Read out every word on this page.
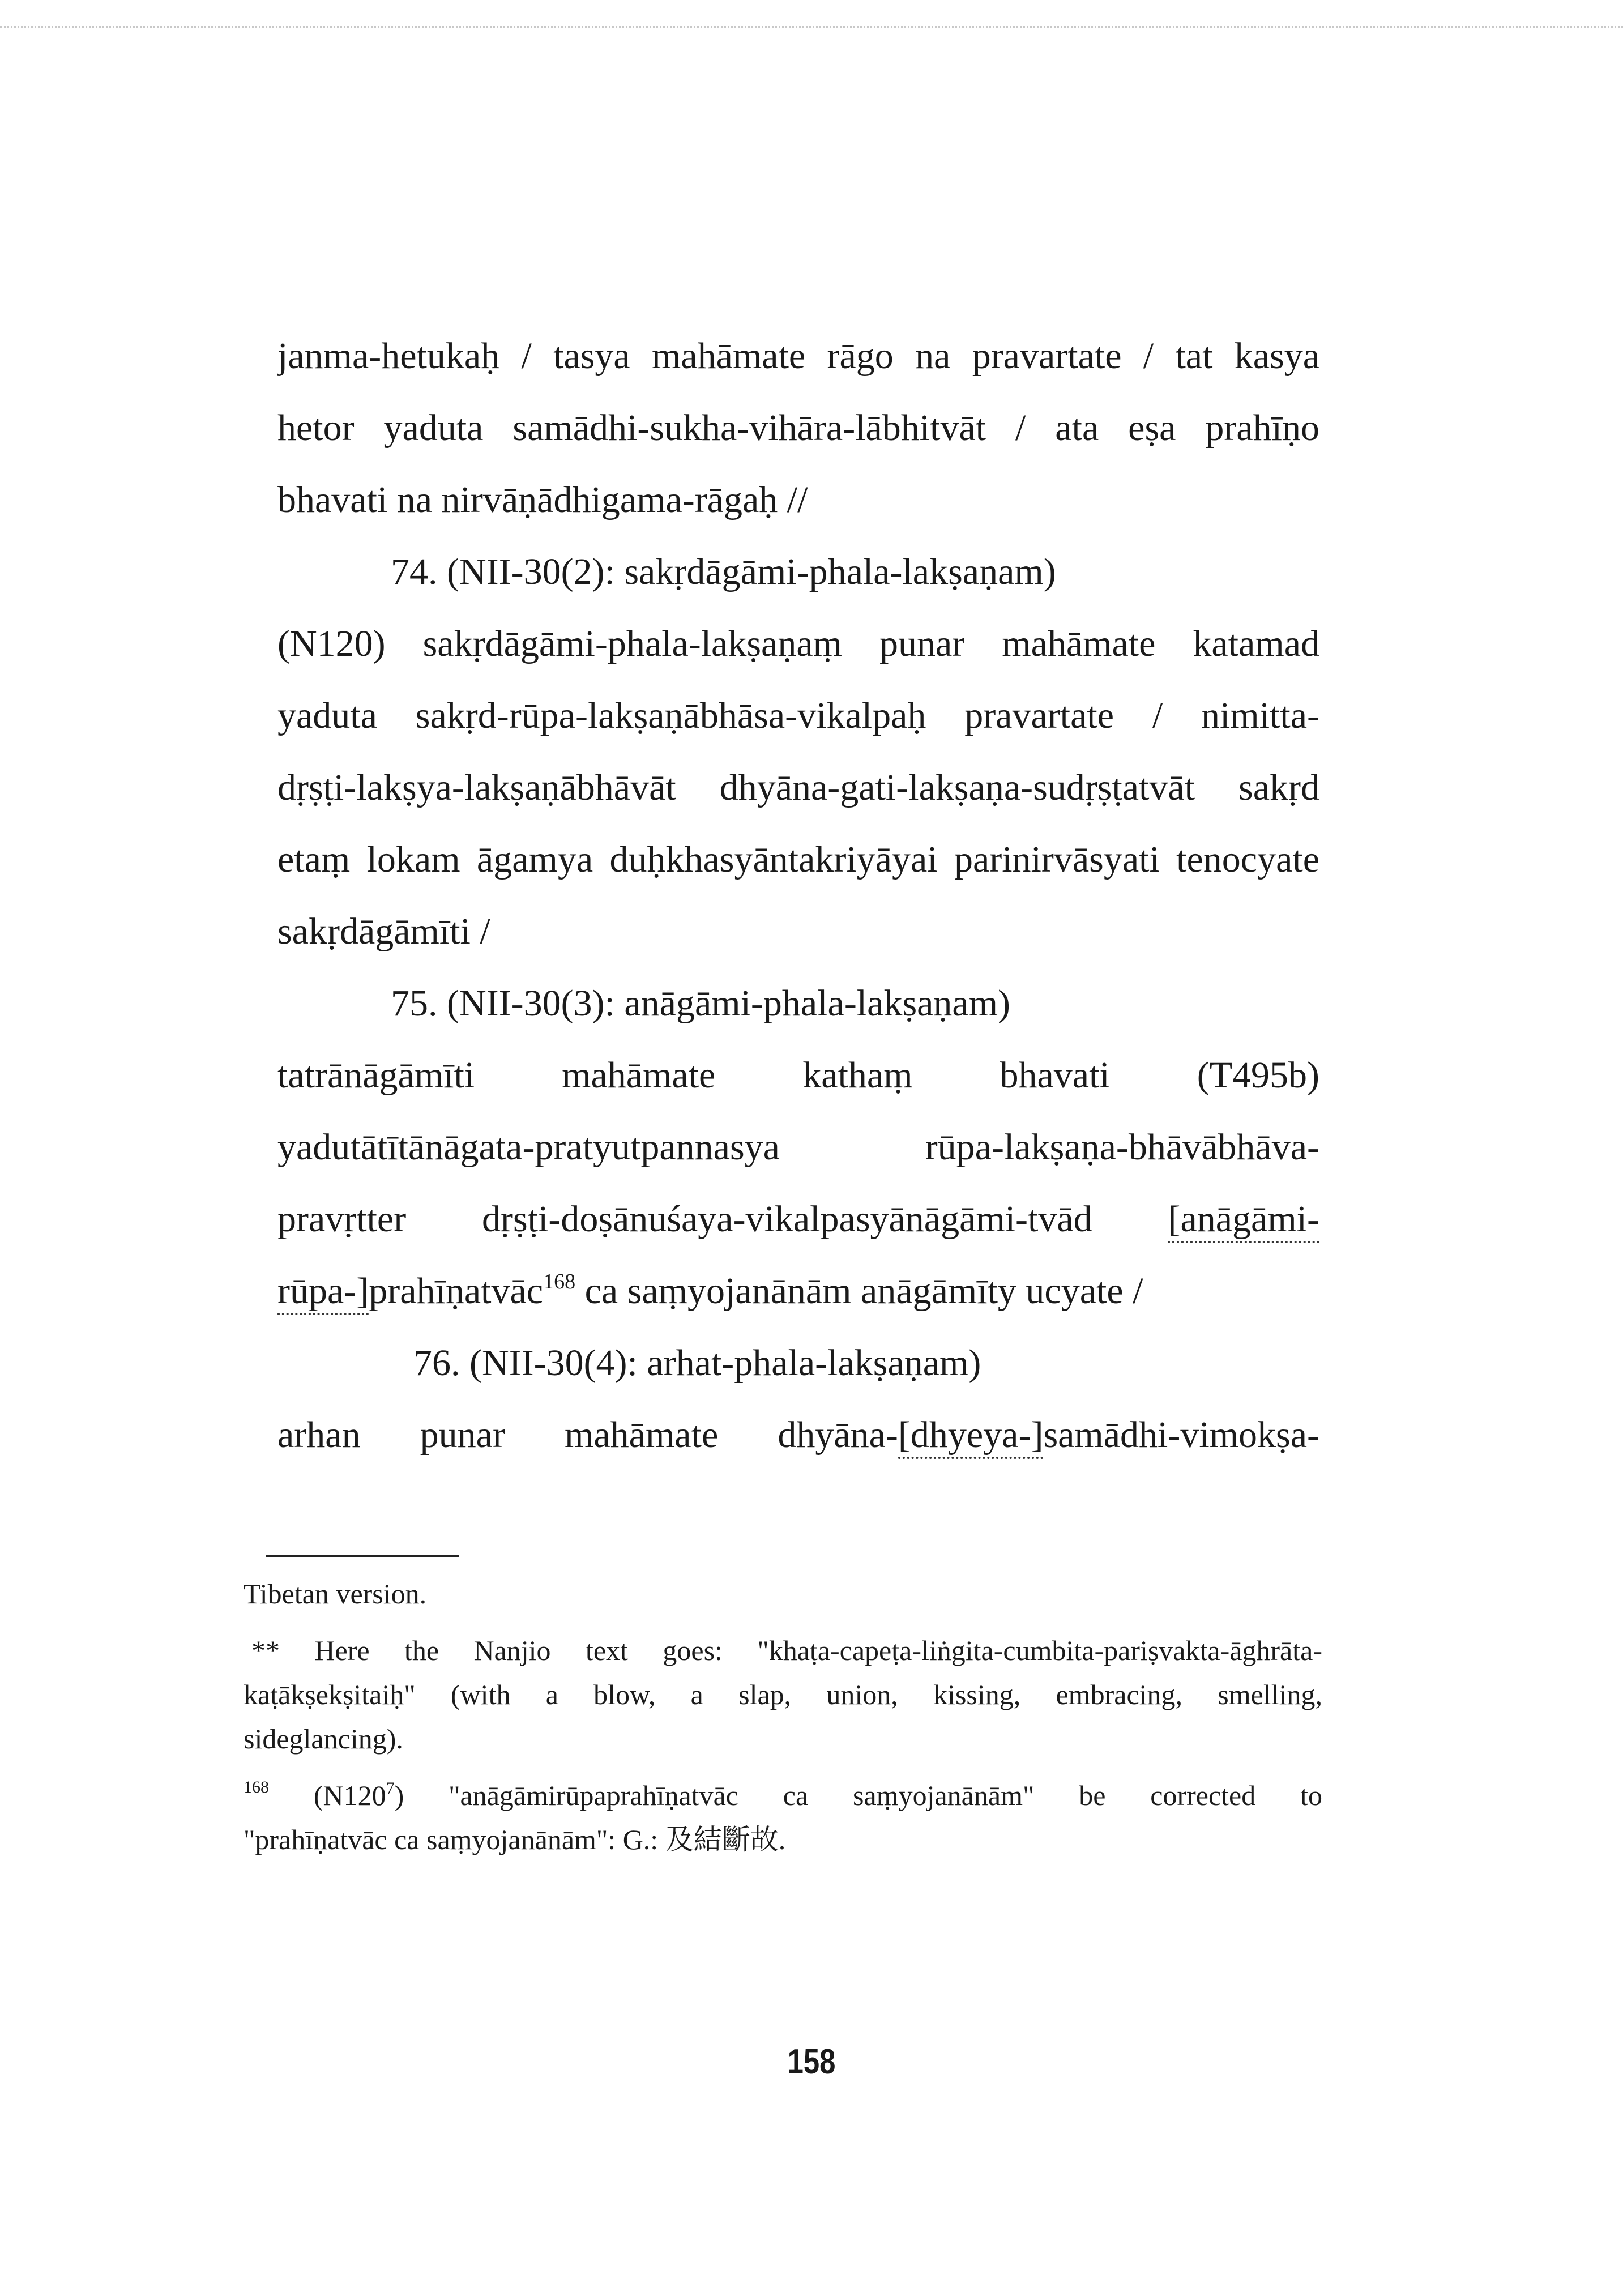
janma-hetukaḥ / tasya mahāmate rāgo na pravartate / tat kasya
hetor yaduta samādhi-sukha-vihāra-lābhitvāt / ata eṣa prahīṇo
bhavati na nirvāṇādhigama-rāgaḥ //
74. (NII-30(2): sakṛdāgāmi-phala-lakṣaṇam)
(N120) sakṛdāgāmi-phala-lakṣaṇaṃ punar mahāmate katamad
yaduta sakṛd-rūpa-lakṣaṇābhāsa-vikalpaḥ pravartate / nimitta-
dṛṣṭi-lakṣya-lakṣaṇābhāvāt dhyāna-gati-lakṣaṇa-sudṛṣṭatvāt sakṛd
etaṃ lokam āgamya duḥkhasyāntakriyāyai parinirvāsyati tenocyate
sakṛdāgāmīti /
75. (NII-30(3): anāgāmi-phala-lakṣaṇam)
tatrānāgāmīti mahāmate kathaṃ bhavati (T495b)
yadutātītānāgata-pratyutpannasya rūpa-lakṣaṇa-bhāvābhāva-
pravṛtter dṛṣṭi-doṣānuśaya-vikalpasyānāgāmi-tvād [anāgāmi-
rūpa-]prahīṇatvāc$^{168}$ ca saṃyojanānām anāgāmīty ucyate /
76. (NII-30(4): arhat-phala-lakṣaṇam)
arhan punar mahāmate dhyāna-[dhyeya-]samādhi-vimokṣa-
Tibetan version.
** Here the Nanjio text goes: "khaṭa-capeṭa-liṅgita-cumbita-pariṣvakta-āghrāta-
kaṭākṣekṣitaiḥ" (with a blow, a slap, union, kissing, embracing, smelling,
sideglancing).
$^{168}$ $(N120^7)$ "anāgāmirūpaprahīṇatvāc ca saṃyojanānām" be corrected to
"prahīṇatvāc ca saṃyojanānām": G.: 及結斷故.
158
